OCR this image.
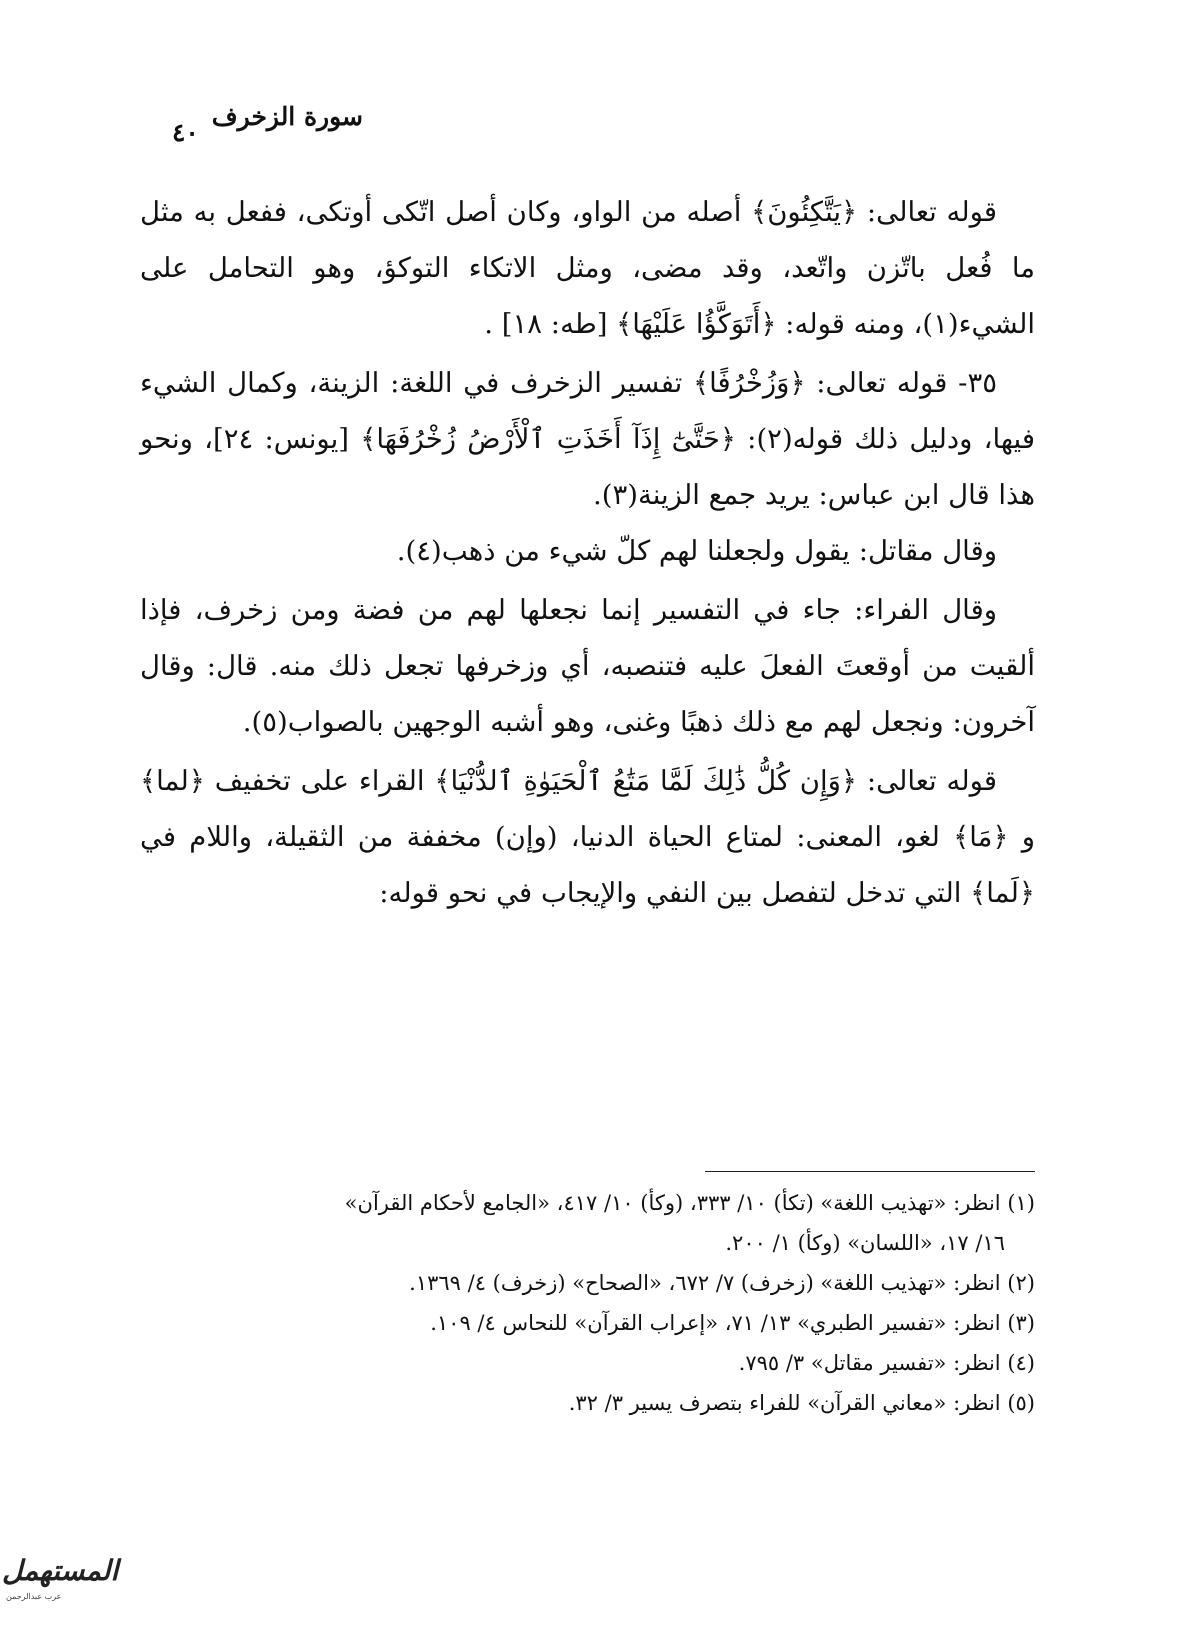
سورة الزخرف
٤٠

قوله تعالى: ﴿يَتَّكِئُونَ﴾ أصله من الواو، وكان أصل اتّكى أوتكى، ففعل به مثل ما فُعل باتّزن واتّعد، وقد مضى، ومثل الاتكاء التوكؤ، وهو التحامل على الشيء(١)، ومنه قوله: ﴿أَتَوَكَّؤُا عَلَيْهَا﴾ [طه: ١٨] .

٣٥- قوله تعالى: ﴿وَزُخْرُفًا﴾ تفسير الزخرف في اللغة: الزينة، وكمال الشيء فيها، ودليل ذلك قوله(٢): ﴿حَتَّىٰٓ إِذَآ أَخَذَتِ ٱلْأَرْضُ زُخْرُفَهَا﴾ [يونس: ٢٤]، ونحو هذا قال ابن عباس: يريد جمع الزينة(٣).

وقال مقاتل: يقول ولجعلنا لهم كلّ شيء من ذهب(٤).

وقال الفراء: جاء في التفسير إنما نجعلها لهم من فضة ومن زخرف، فإذا ألقيت من أوقعتَ الفعلَ عليه فتنصبه، أي وزخرفها تجعل ذلك منه. قال: وقال آخرون: ونجعل لهم مع ذلك ذهبًا وغنى، وهو أشبه الوجهين بالصواب(٥).

قوله تعالى: ﴿وَإِن كُلُّ ذَٰلِكَ لَمَّا مَتَٰعُ ٱلْحَيَوٰةِ ٱلدُّنْيَا﴾ القراء على تخفيف ﴿لما﴾ و ﴿مَا﴾ لغو، المعنى: لمتاع الحياة الدنيا، (وإن) مخففة من الثقيلة، واللام في ﴿لَما﴾ التي تدخل لتفصل بين النفي والإيجاب في نحو قوله:

(١) انظر: «تهذيب اللغة» (تكأ) ١٠/ ٣٣٣، (وكأ) ١٠/ ٤١٧، «الجامع لأحكام القرآن»

١٦/ ١٧، «اللسان» (وكأ) ١/ ٢٠٠.

(٢) انظر: «تهذيب اللغة» (زخرف) ٧/ ٦٧٢، «الصحاح» (زخرف) ٤/ ١٣٦٩.

(٣) انظر: «تفسير الطبري» ١٣/ ٧١، «إعراب القرآن» للنحاس ٤/ ١٠٩.

(٤) انظر: «تفسير مقاتل» ٣/ ٧٩٥.

(٥) انظر: «معاني القرآن» للفراء بتصرف يسير ٣/ ٣٢.

المستهمل
عرب عبدالرحمن
